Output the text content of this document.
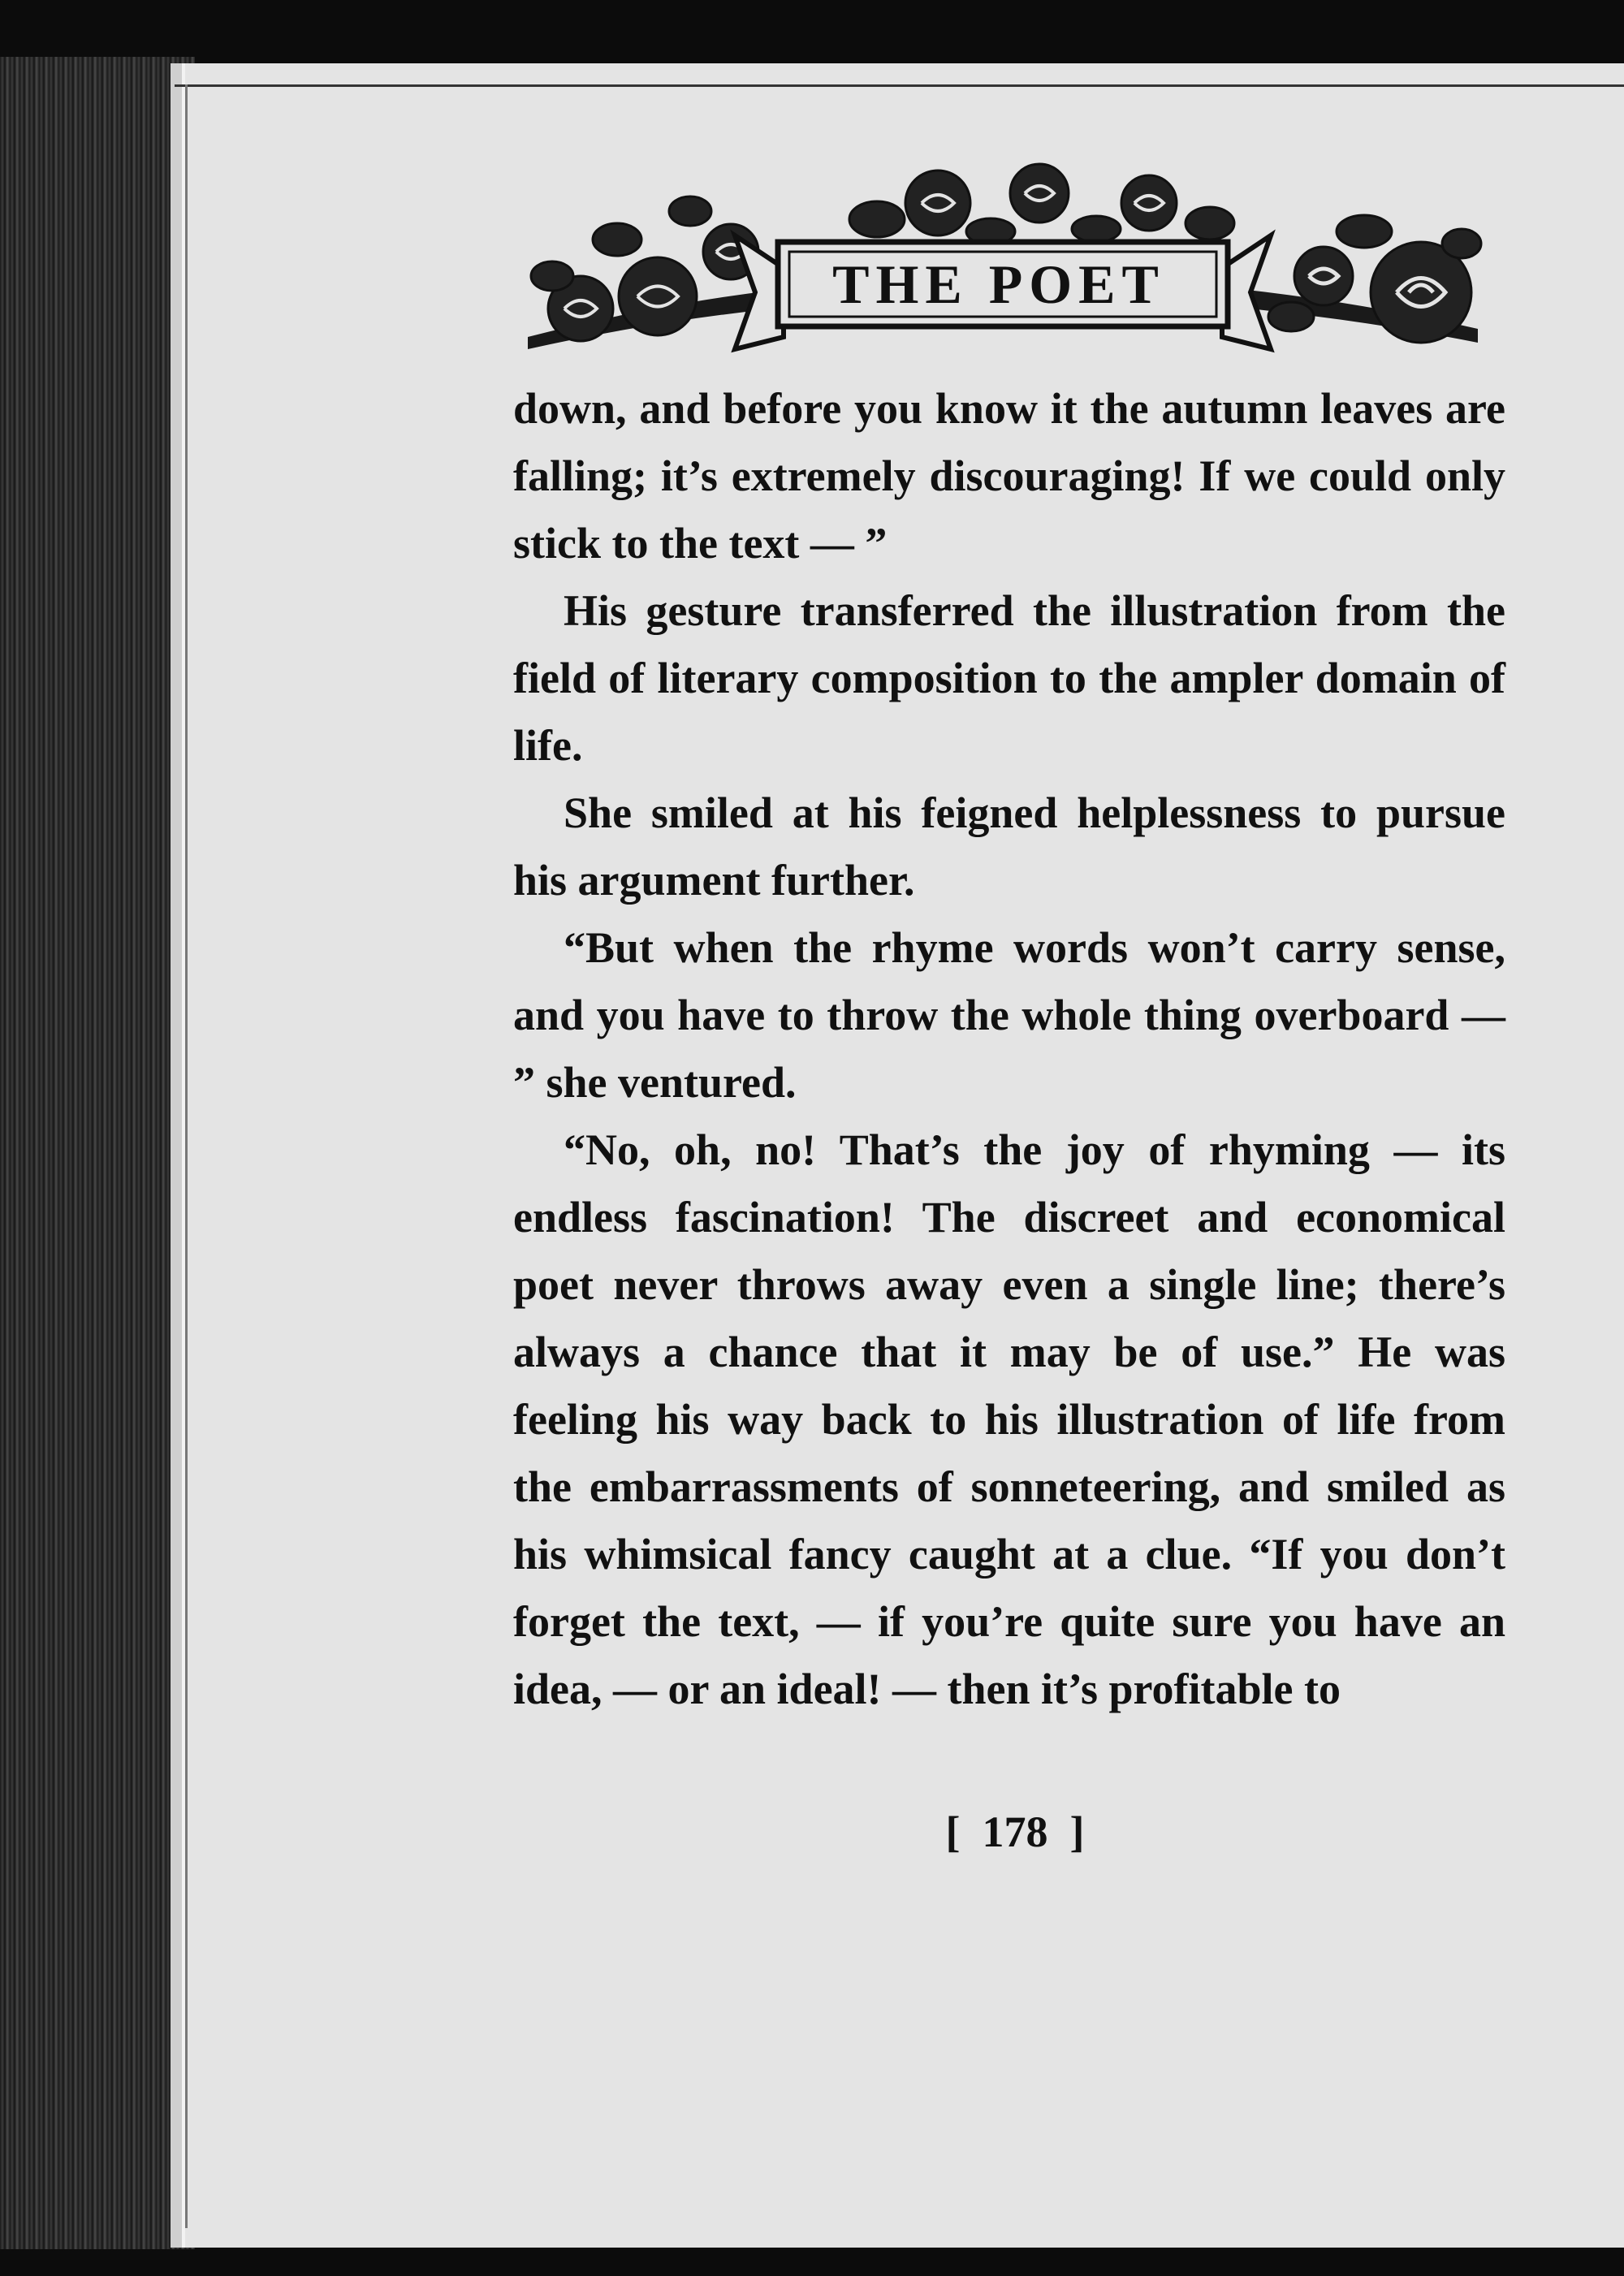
THE POET

down, and before you know it the autumn leaves are falling; it’s extremely discouraging! If we could only stick to the text — ”

His gesture transferred the illustration from the field of literary composition to the ampler domain of life.

She smiled at his feigned helplessness to pursue his argument further.

“But when the rhyme words won’t carry sense, and you have to throw the whole thing overboard — ” she ventured.

“No, oh, no! That’s the joy of rhyming — its endless fascination! The discreet and economical poet never throws away even a single line; there’s always a chance that it may be of use.” He was feeling his way back to his illustration of life from the embarrassments of sonneteering, and smiled as his whimsical fancy caught at a clue. “If you don’t forget the text, — if you’re quite sure you have an idea, — or an ideal! — then it’s profitable to

[  178  ]
